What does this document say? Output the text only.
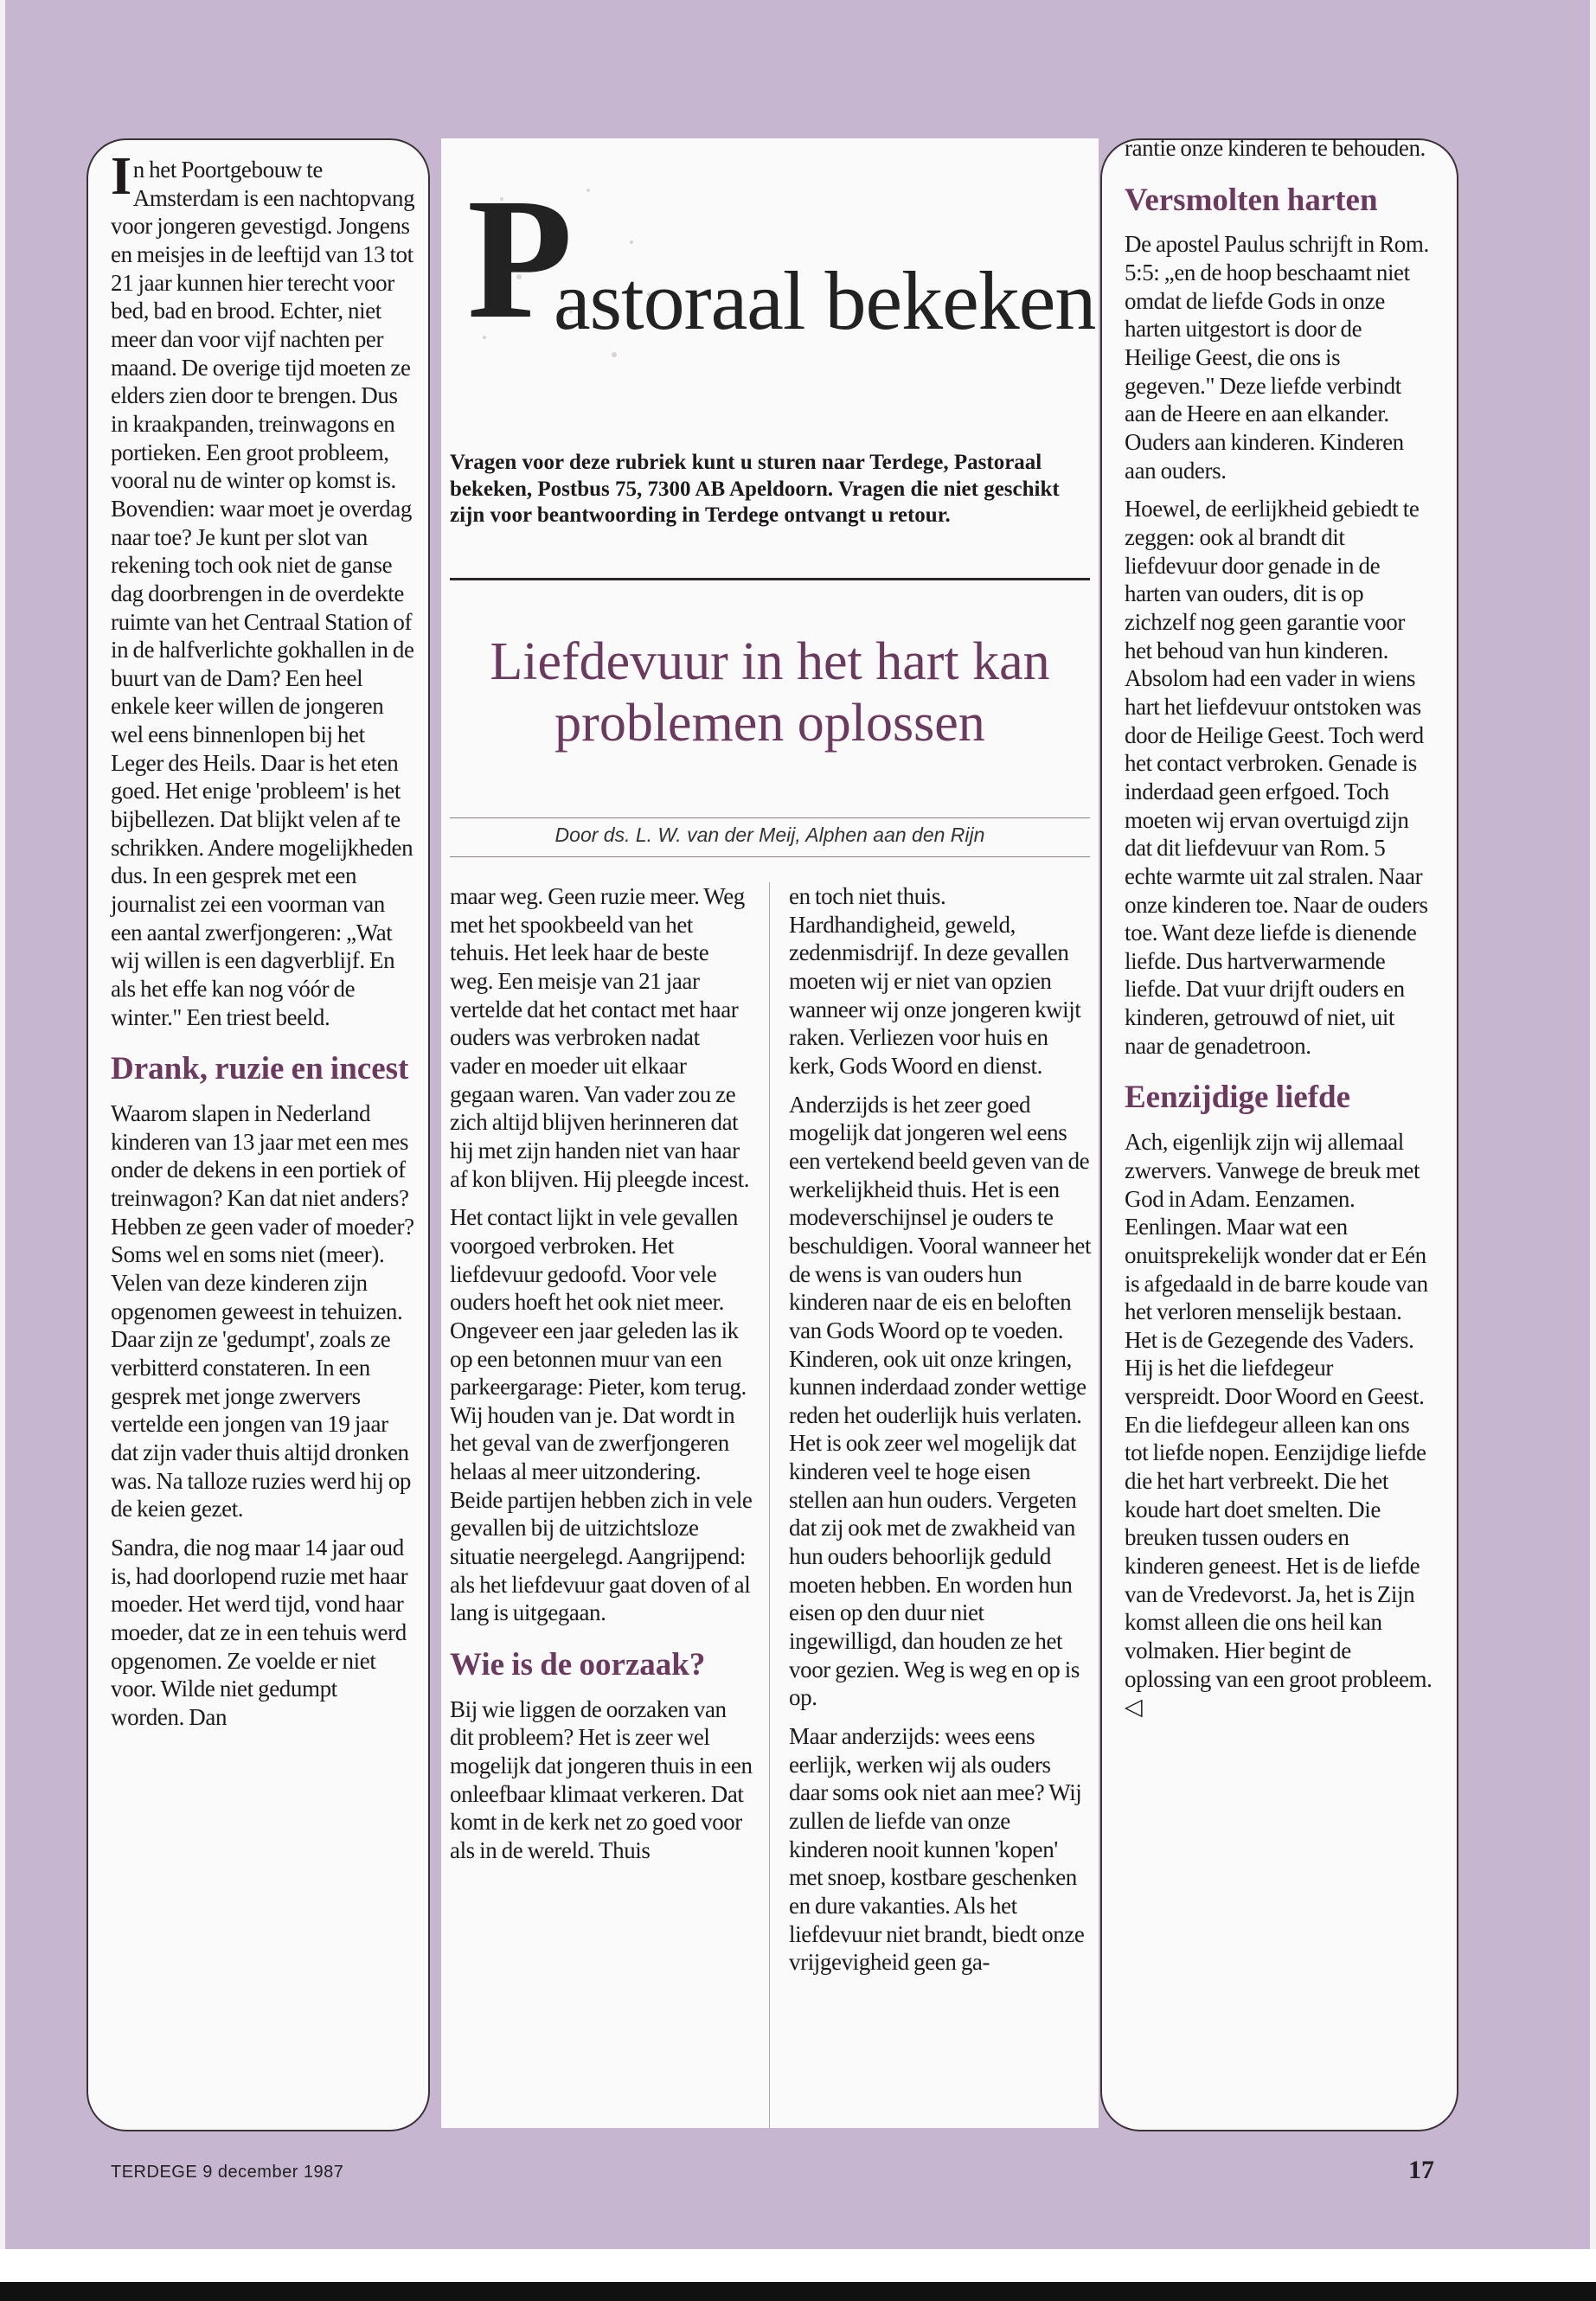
P
astoraal bekeken
Vragen voor deze rubriek kunt u sturen naar Terdege, Pastoraal bekeken, Postbus 75, 7300 AB Apeldoorn. Vragen die niet geschikt zijn voor beantwoording in Terdege ontvangt u retour.
Liefdevuur in het hart kan problemen oplossen
Door ds. L. W. van der Meij, Alphen aan den Rijn

In het Poortgebouw te Amsterdam is een nachtopvang voor jongeren gevestigd. Jongens en meisjes in de leeftijd van 13 tot 21 jaar kunnen hier terecht voor bed, bad en brood. Echter, niet meer dan voor vijf nachten per maand. De overige tijd moeten ze elders zien door te brengen. Dus in kraakpanden, treinwagons en portieken. Een groot probleem, vooral nu de winter op komst is. Bovendien: waar moet je overdag naar toe? Je kunt per slot van rekening toch ook niet de ganse dag doorbrengen in de overdekte ruimte van het Centraal Station of in de halfverlichte gokhallen in de buurt van de Dam? Een heel enkele keer willen de jongeren wel eens binnenlopen bij het Leger des Heils. Daar is het eten goed. Het enige 'probleem' is het bijbellezen. Dat blijkt velen af te schrikken. Andere mogelijkheden dus. In een gesprek met een journalist zei een voorman van een aantal zwerfjongeren: „Wat wij willen is een dagverblijf. En als het effe kan nog vóór de winter." Een triest beeld.

Drank, ruzie en incest

Waarom slapen in Nederland kinderen van 13 jaar met een mes onder de dekens in een portiek of treinwagon? Kan dat niet anders? Hebben ze geen vader of moeder? Soms wel en soms niet (meer). Velen van deze kinderen zijn opgenomen geweest in tehuizen. Daar zijn ze 'gedumpt', zoals ze verbitterd constateren. In een gesprek met jonge zwervers vertelde een jongen van 19 jaar dat zijn vader thuis altijd dronken was. Na talloze ruzies werd hij op de keien gezet.

Sandra, die nog maar 14 jaar oud is, had doorlopend ruzie met haar moeder. Het werd tijd, vond haar moeder, dat ze in een tehuis werd opgenomen. Ze voelde er niet voor. Wilde niet gedumpt worden. Dan

maar weg. Geen ruzie meer. Weg met het spookbeeld van het tehuis. Het leek haar de beste weg. Een meisje van 21 jaar vertelde dat het contact met haar ouders was verbroken nadat vader en moeder uit elkaar gegaan waren. Van vader zou ze zich altijd blijven herinneren dat hij met zijn handen niet van haar af kon blijven. Hij pleegde incest.

Het contact lijkt in vele gevallen voorgoed verbroken. Het liefdevuur gedoofd. Voor vele ouders hoeft het ook niet meer. Ongeveer een jaar geleden las ik op een betonnen muur van een parkeergarage: Pieter, kom terug. Wij houden van je. Dat wordt in het geval van de zwerfjongeren helaas al meer uitzondering. Beide partijen hebben zich in vele gevallen bij de uitzichtsloze situatie neergelegd. Aangrijpend: als het liefdevuur gaat doven of al lang is uitgegaan.

Wie is de oorzaak?

Bij wie liggen de oorzaken van dit probleem? Het is zeer wel mogelijk dat jongeren thuis in een onleefbaar klimaat verkeren. Dat komt in de kerk net zo goed voor als in de wereld. Thuis

en toch niet thuis. Hardhandigheid, geweld, zedenmisdrijf. In deze gevallen moeten wij er niet van opzien wanneer wij onze jongeren kwijt raken. Verliezen voor huis en kerk, Gods Woord en dienst.

Anderzijds is het zeer goed mogelijk dat jongeren wel eens een vertekend beeld geven van de werkelijkheid thuis. Het is een modeverschijnsel je ouders te beschuldigen. Vooral wanneer het de wens is van ouders hun kinderen naar de eis en beloften van Gods Woord op te voeden. Kinderen, ook uit onze kringen, kunnen inderdaad zonder wettige reden het ouderlijk huis verlaten. Het is ook zeer wel mogelijk dat kinderen veel te hoge eisen stellen aan hun ouders. Vergeten dat zij ook met de zwakheid van hun ouders behoorlijk geduld moeten hebben. En worden hun eisen op den duur niet ingewilligd, dan houden ze het voor gezien. Weg is weg en op is op.

Maar anderzijds: wees eens eerlijk, werken wij als ouders daar soms ook niet aan mee? Wij zullen de liefde van onze kinderen nooit kunnen 'kopen' met snoep, kostbare geschenken en dure vakanties. Als het liefdevuur niet brandt, biedt onze vrijgevigheid geen ga-

rantie onze kinderen te behouden.

Versmolten harten

De apostel Paulus schrijft in Rom. 5:5: „en de hoop beschaamt niet omdat de liefde Gods in onze harten uitgestort is door de Heilige Geest, die ons is gegeven." Deze liefde verbindt aan de Heere en aan elkander. Ouders aan kinderen. Kinderen aan ouders.

Hoewel, de eerlijkheid gebiedt te zeggen: ook al brandt dit liefdevuur door genade in de harten van ouders, dit is op zichzelf nog geen garantie voor het behoud van hun kinderen. Absolom had een vader in wiens hart het liefdevuur ontstoken was door de Heilige Geest. Toch werd het contact verbroken. Genade is inderdaad geen erfgoed. Toch moeten wij ervan overtuigd zijn dat dit liefdevuur van Rom. 5 echte warmte uit zal stralen. Naar onze kinderen toe. Naar de ouders toe. Want deze liefde is dienende liefde. Dus hartverwarmende liefde. Dat vuur drijft ouders en kinderen, getrouwd of niet, uit naar de genadetroon.

Eenzijdige liefde

Ach, eigenlijk zijn wij allemaal zwervers. Vanwege de breuk met God in Adam. Eenzamen. Eenlingen. Maar wat een onuitsprekelijk wonder dat er Eén is afgedaald in de barre koude van het verloren menselijk bestaan. Het is de Gezegende des Vaders. Hij is het die liefdegeur verspreidt. Door Woord en Geest. En die liefdegeur alleen kan ons tot liefde nopen. Eenzijdige liefde die het hart verbreekt. Die het koude hart doet smelten. Die breuken tussen ouders en kinderen geneest. Het is de liefde van de Vredevorst. Ja, het is Zijn komst alleen die ons heil kan volmaken. Hier begint de oplossing van een groot probleem. ◁

TERDEGE 9 december 1987	17
